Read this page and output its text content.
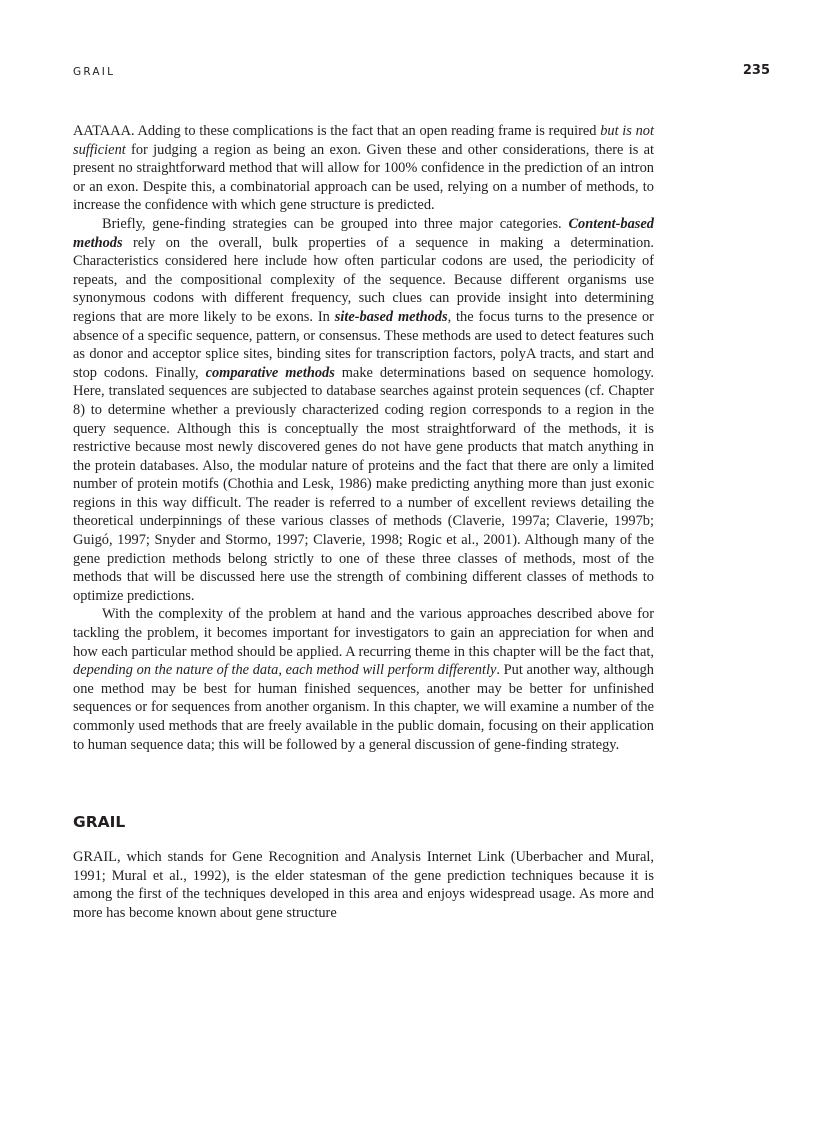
GRAIL	235

AATAAA. Adding to these complications is the fact that an open reading frame is required but is not sufficient for judging a region as being an exon. Given these and other considerations, there is at present no straightforward method that will allow for 100% confidence in the prediction of an intron or an exon. Despite this, a combinatorial approach can be used, relying on a number of methods, to increase the confidence with which gene structure is predicted.

Briefly, gene-finding strategies can be grouped into three major categories. Content-based methods rely on the overall, bulk properties of a sequence in making a determination. Characteristics considered here include how often particular codons are used, the periodicity of repeats, and the compositional complexity of the sequence. Because different organisms use synonymous codons with different frequency, such clues can provide insight into determining regions that are more likely to be exons. In site-based methods, the focus turns to the presence or absence of a specific sequence, pattern, or consensus. These methods are used to detect features such as donor and acceptor splice sites, binding sites for transcription factors, polyA tracts, and start and stop codons. Finally, comparative methods make determinations based on sequence homology. Here, translated sequences are subjected to database searches against protein sequences (cf. Chapter 8) to determine whether a previously characterized coding region corresponds to a region in the query sequence. Although this is conceptually the most straightforward of the methods, it is restrictive because most newly discovered genes do not have gene products that match anything in the protein databases. Also, the modular nature of proteins and the fact that there are only a limited number of protein motifs (Chothia and Lesk, 1986) make predicting anything more than just exonic regions in this way difficult. The reader is referred to a number of excellent reviews detailing the theoretical underpinnings of these various classes of methods (Claverie, 1997a; Claverie, 1997b; Guigó, 1997; Snyder and Stormo, 1997; Claverie, 1998; Rogic et al., 2001). Although many of the gene prediction methods belong strictly to one of these three classes of methods, most of the methods that will be discussed here use the strength of combining different classes of methods to optimize predictions.

With the complexity of the problem at hand and the various approaches described above for tackling the problem, it becomes important for investigators to gain an appreciation for when and how each particular method should be applied. A recurring theme in this chapter will be the fact that, depending on the nature of the data, each method will perform differently. Put another way, although one method may be best for human finished sequences, another may be better for unfinished sequences or for sequences from another organism. In this chapter, we will examine a number of the commonly used methods that are freely available in the public domain, focusing on their application to human sequence data; this will be followed by a general discussion of gene-finding strategy.

GRAIL

GRAIL, which stands for Gene Recognition and Analysis Internet Link (Uberbacher and Mural, 1991; Mural et al., 1992), is the elder statesman of the gene prediction techniques because it is among the first of the techniques developed in this area and enjoys widespread usage. As more and more has become known about gene structure
